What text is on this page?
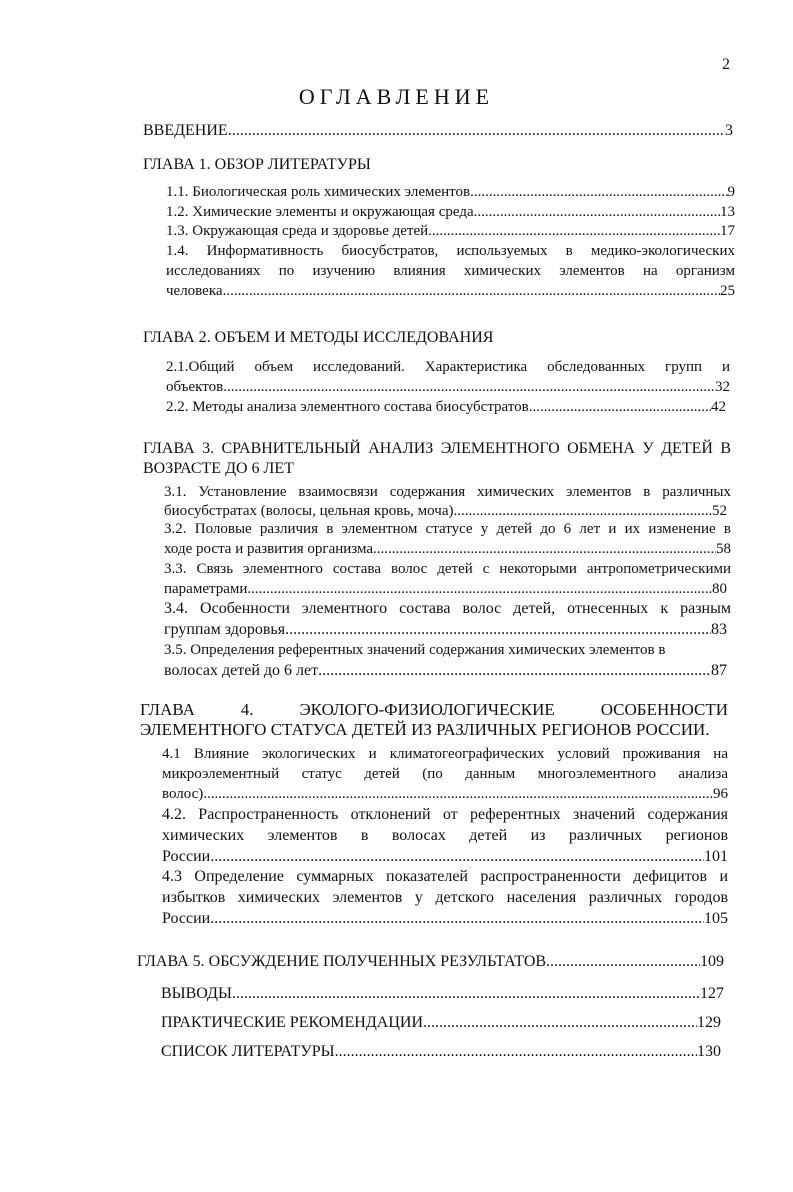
2
ОГЛАВЛЕНИЕ
ВВЕДЕНИЕ .....	3
ГЛАВА 1. ОБЗОР ЛИТЕРАТУРЫ
1.1. Биологическая роль химических элементов .....	9
1.2. Химические элементы и окружающая среда .....	13
1.3. Окружающая среда и здоровье детей .....	17
1.4. Информативность биосубстратов, используемых в медико-экологических
исследованиях по изучению влияния химических элементов на организм
человека .....	25
ГЛАВА 2. ОБЪЕМ И МЕТОДЫ ИССЛЕДОВАНИЯ
2.1.Общий объем исследований. Характеристика обследованных групп и
объектов .....	32
2.2. Методы анализа элементного состава биосубстратов .....	42
ГЛАВА 3. СРАВНИТЕЛЬНЫЙ АНАЛИЗ ЭЛЕМЕНТНОГО ОБМЕНА У ДЕТЕЙ В
ВОЗРАСТЕ ДО 6 ЛЕТ
3.1. Установление взаимосвязи содержания химических элементов в различных
биосубстратах (волосы, цельная кровь, моча) .....	52
3.2. Половые различия в элементном статусе у детей до 6 лет и их изменение в
ходе роста и развития организма .....	58
3.3. Связь элементного состава волос детей с некоторыми антропометрическими
параметрами .....	80
3.4. Особенности элементного состава волос детей, отнесенных к разным
группам здоровья .....	83
3.5. Определения референтных значений содержания химических элементов в
волосах детей до 6 лет .....	87
ГЛАВА 4. ЭКОЛОГО-ФИЗИОЛОГИЧЕСКИЕ ОСОБЕННОСТИ
ЭЛЕМЕНТНОГО СТАТУСА ДЕТЕЙ ИЗ РАЗЛИЧНЫХ РЕГИОНОВ РОССИИ.
4.1 Влияние экологических и климатогеографических условий проживания на
микроэлементный статус детей (по данным многоэлементного анализа
волос) .....	96
4.2. Распространенность отклонений от референтных значений содержания
химических элементов в волосах детей из различных регионов
России .....	101
4.3 Определение суммарных показателей распространенности дефицитов и
избытков химических элементов у детского населения различных городов
России .....	105
ГЛАВА 5. ОБСУЖДЕНИЕ ПОЛУЧЕННЫХ РЕЗУЛЬТАТОВ .....	109
ВЫВОДЫ .....	127
ПРАКТИЧЕСКИЕ РЕКОМЕНДАЦИИ .....	129
СПИСОК ЛИТЕРАТУРЫ .....	130
